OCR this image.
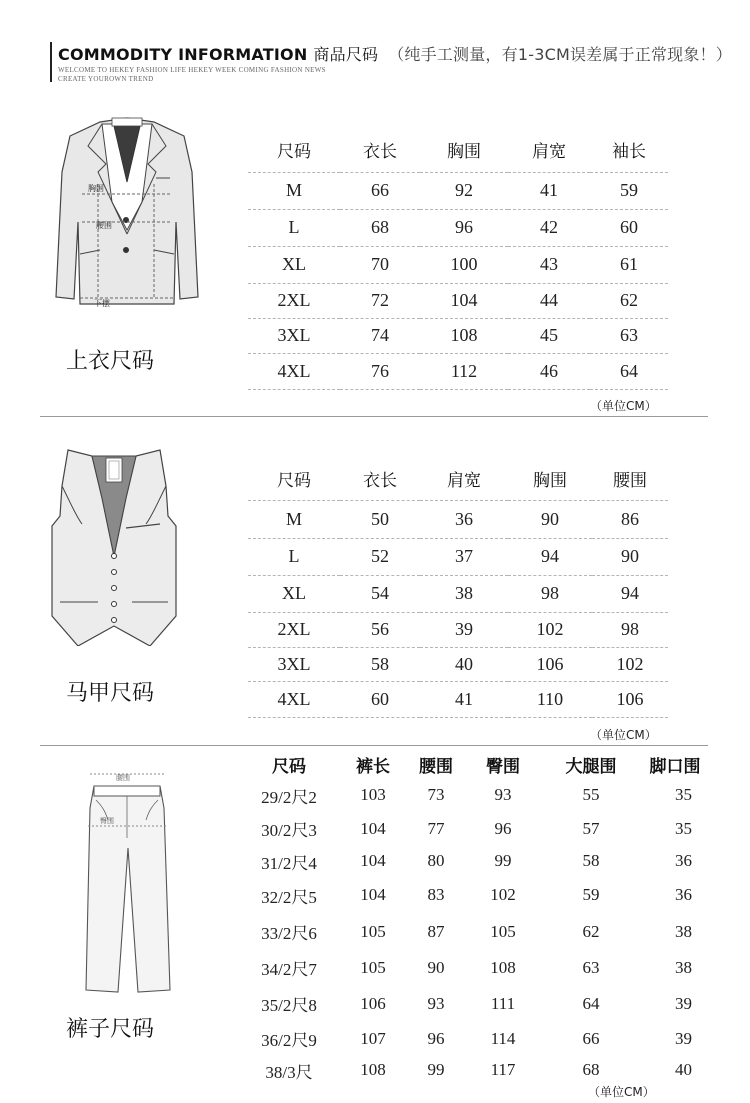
COMMODITY INFORMATION 商品尺码 （纯手工测量，有1-3CM误差属于正常现象！）
WELCOME TO HEKEY FASHION LIFE HEKEY WEEK COMING FASHION NEWS
CREATE YOUROWN TREND
胸围
腰围
下摆
上衣尺码
尺码	衣长	胸围	肩宽	袖长
M	66	92	41	59
L	68	96	42	60
XL	70	100	43	61
2XL	72	104	44	62
3XL	74	108	45	63
4XL	76	112	46	64
（单位CM）
马甲尺码
尺码	衣长	肩宽	胸围	腰围
M	50	36	90	86
L	52	37	94	90
XL	54	38	98	94
2XL	56	39	102	98
3XL	58	40	106	102
4XL	60	41	110	106
（单位CM）
腰围
臀围
裤子尺码
尺码	裤长	腰围	臀围	大腿围	脚口围
29/2尺2	103	73	93	55	35
30/2尺3	104	77	96	57	35
31/2尺4	104	80	99	58	36
32/2尺5	104	83	102	59	36
33/2尺6	105	87	105	62	38
34/2尺7	105	90	108	63	38
35/2尺8	106	93	111	64	39
36/2尺9	107	96	114	66	39
38/3尺	108	99	117	68	40
（单位CM）
